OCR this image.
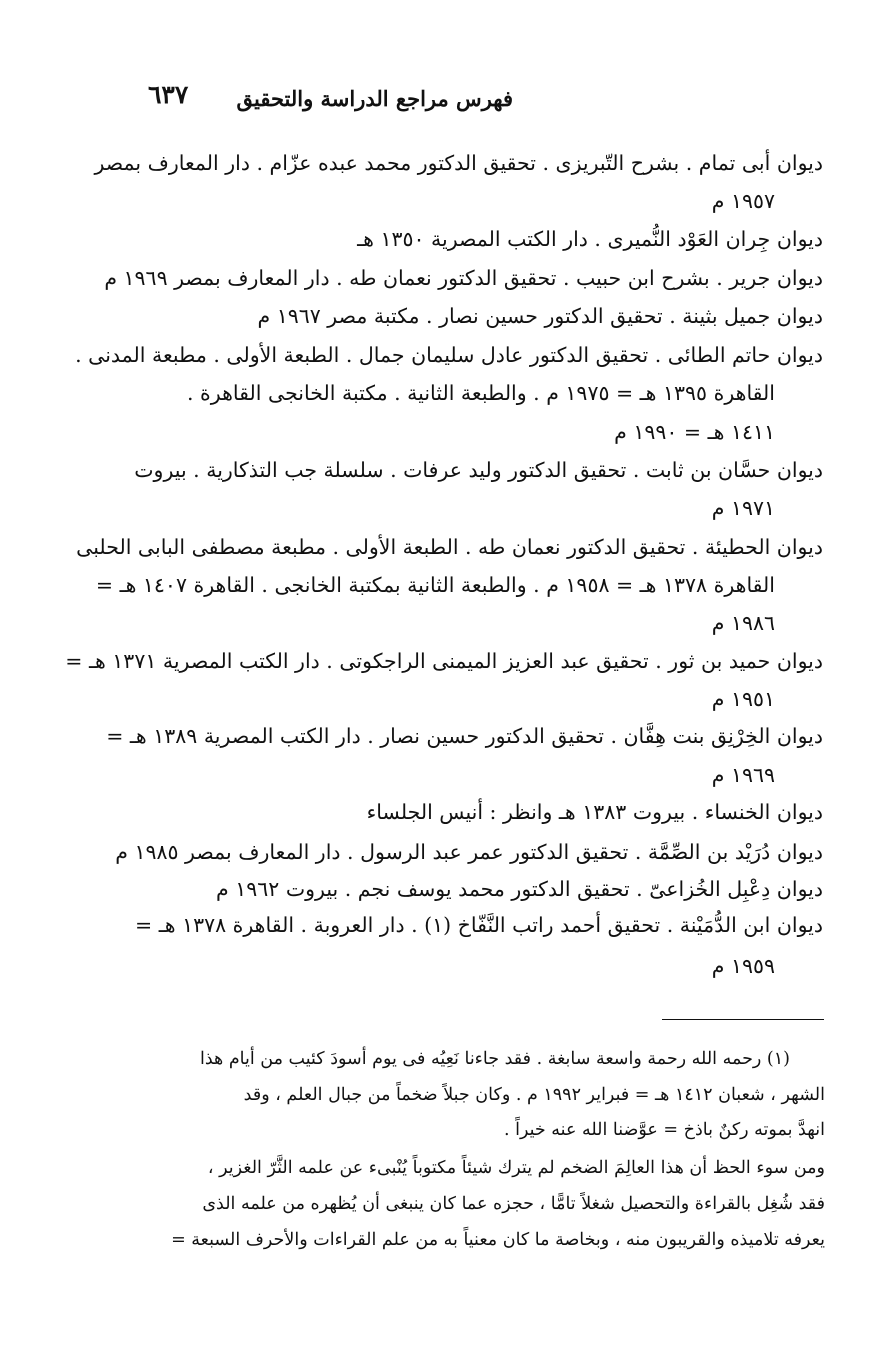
فهرس مراجع الدراسة والتحقيق
٦٣٧
ديوان أبى تمام . بشرح التّبريزى . تحقيق الدكتور محمد عبده عزّام . دار المعارف بمصر
١٩٥٧ م
ديوان جِران العَوْد النُّميرى . دار الكتب المصرية ١٣٥٠ هـ
ديوان جرير . بشرح ابن حبيب . تحقيق الدكتور نعمان طه . دار المعارف بمصر ١٩٦٩ م
ديوان جميل بثينة . تحقيق الدكتور حسين نصار . مكتبة مصر ١٩٦٧ م
ديوان حاتم الطائى . تحقيق الدكتور عادل سليمان جمال . الطبعة الأولى . مطبعة المدنى .
القاهرة ١٣٩٥ هـ = ١٩٧٥ م . والطبعة الثانية . مكتبة الخانجى القاهرة .
١٤١١ هـ = ١٩٩٠ م
ديوان حسَّان بن ثابت . تحقيق الدكتور وليد عرفات . سلسلة جب التذكارية . بيروت
١٩٧١ م
ديوان الحطيئة . تحقيق الدكتور نعمان طه . الطبعة الأولى . مطبعة مصطفى البابى الحلبى
القاهرة ١٣٧٨ هـ = ١٩٥٨ م . والطبعة الثانية بمكتبة الخانجى . القاهرة ١٤٠٧ هـ =
١٩٨٦ م
ديوان حميد بن ثور . تحقيق عبد العزيز الميمنى الراجكوتى . دار الكتب المصرية ١٣٧١ هـ =
١٩٥١ م
ديوان الخِرْنِق بنت هِفَّان . تحقيق الدكتور حسين نصار . دار الكتب المصرية ١٣٨٩ هـ =
١٩٦٩ م
ديوان الخنساء . بيروت ١٣٨٣ هـ وانظر : أنيس الجلساء
ديوان دُرَيْد بن الصِّمَّة . تحقيق الدكتور عمر عبد الرسول . دار المعارف بمصر ١٩٨٥ م
ديوان دِعْبِل الخُزاعىّ . تحقيق الدكتور محمد يوسف نجم . بيروت ١٩٦٢ م
ديوان ابن الدُّمَيْنة . تحقيق أحمد راتب النَّفّاخ (١) . دار العروبة . القاهرة ١٣٧٨ هـ =
١٩٥٩ م
(١) رحمه الله رحمة واسعة سابغة . فقد جاءنا نَعِيُه فى يوم أسودَ كئيب من أيام هذا
الشهر ، شعبان ١٤١٢ هـ = فبراير ١٩٩٢ م . وكان جبلاً ضخماً من جبال العلم ، وقد
انهدَّ بموته ركنٌ باذخ = عوَّضنا الله عنه خيراً .
ومن سوء الحظ أن هذا العالِمَ الضخم لم يترك شيئاً مكتوباً يُنْبىء عن علمه الثَّرّ الغزير ،
فقد شُغِل بالقراءة والتحصيل شغلاً تامًّا ، حجزه عما كان ينبغى أن يُظهره من علمه الذى
يعرفه تلاميذه والقريبون منه ، وبخاصة ما كان معنياً به من علم القراءات والأحرف السبعة =
